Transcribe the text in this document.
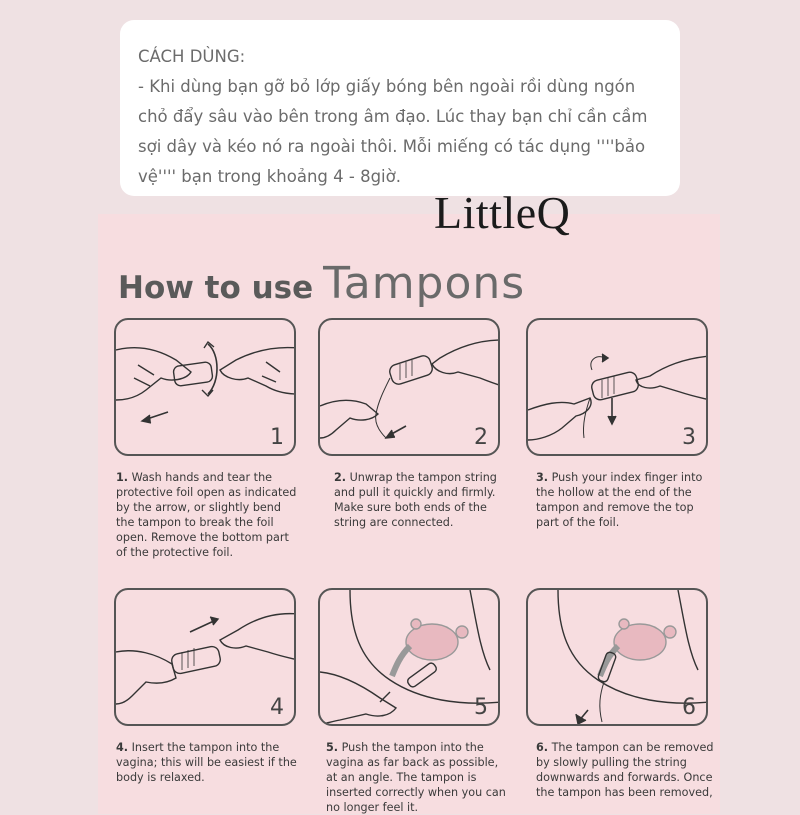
CÁCH DÙNG:
- Khi dùng bạn gỡ bỏ lớp giấy bóng bên ngoài rồi dùng ngón chỏ đẩy sâu vào bên trong âm đạo. Lúc thay bạn chỉ cần cầm sợi dây và kéo nó ra ngoài thôi. Mỗi miếng có tác dụng ''''bảo vệ'''' bạn trong khoảng 4 - 8giờ.

LittleQ
How to use Tampons
1
1. Wash hands and tear the protective foil open as indicated by the arrow, or slightly bend the tampon to break the foil open. Remove the bottom part of the protective foil.
2
2. Unwrap the tampon string and pull it quickly and firmly. Make sure both ends of the string are connected.
3
3. Push your index finger into the hollow at the end of the tampon and remove the top part of the foil.
4
4. Insert the tampon into the vagina; this will be easiest if the body is relaxed.
5
5. Push the tampon into the vagina as far back as possible, at an angle. The tampon is inserted correctly when you can no longer feel it.
6
6. The tampon can be removed by slowly pulling the string downwards and forwards. Once the tampon has been removed,
